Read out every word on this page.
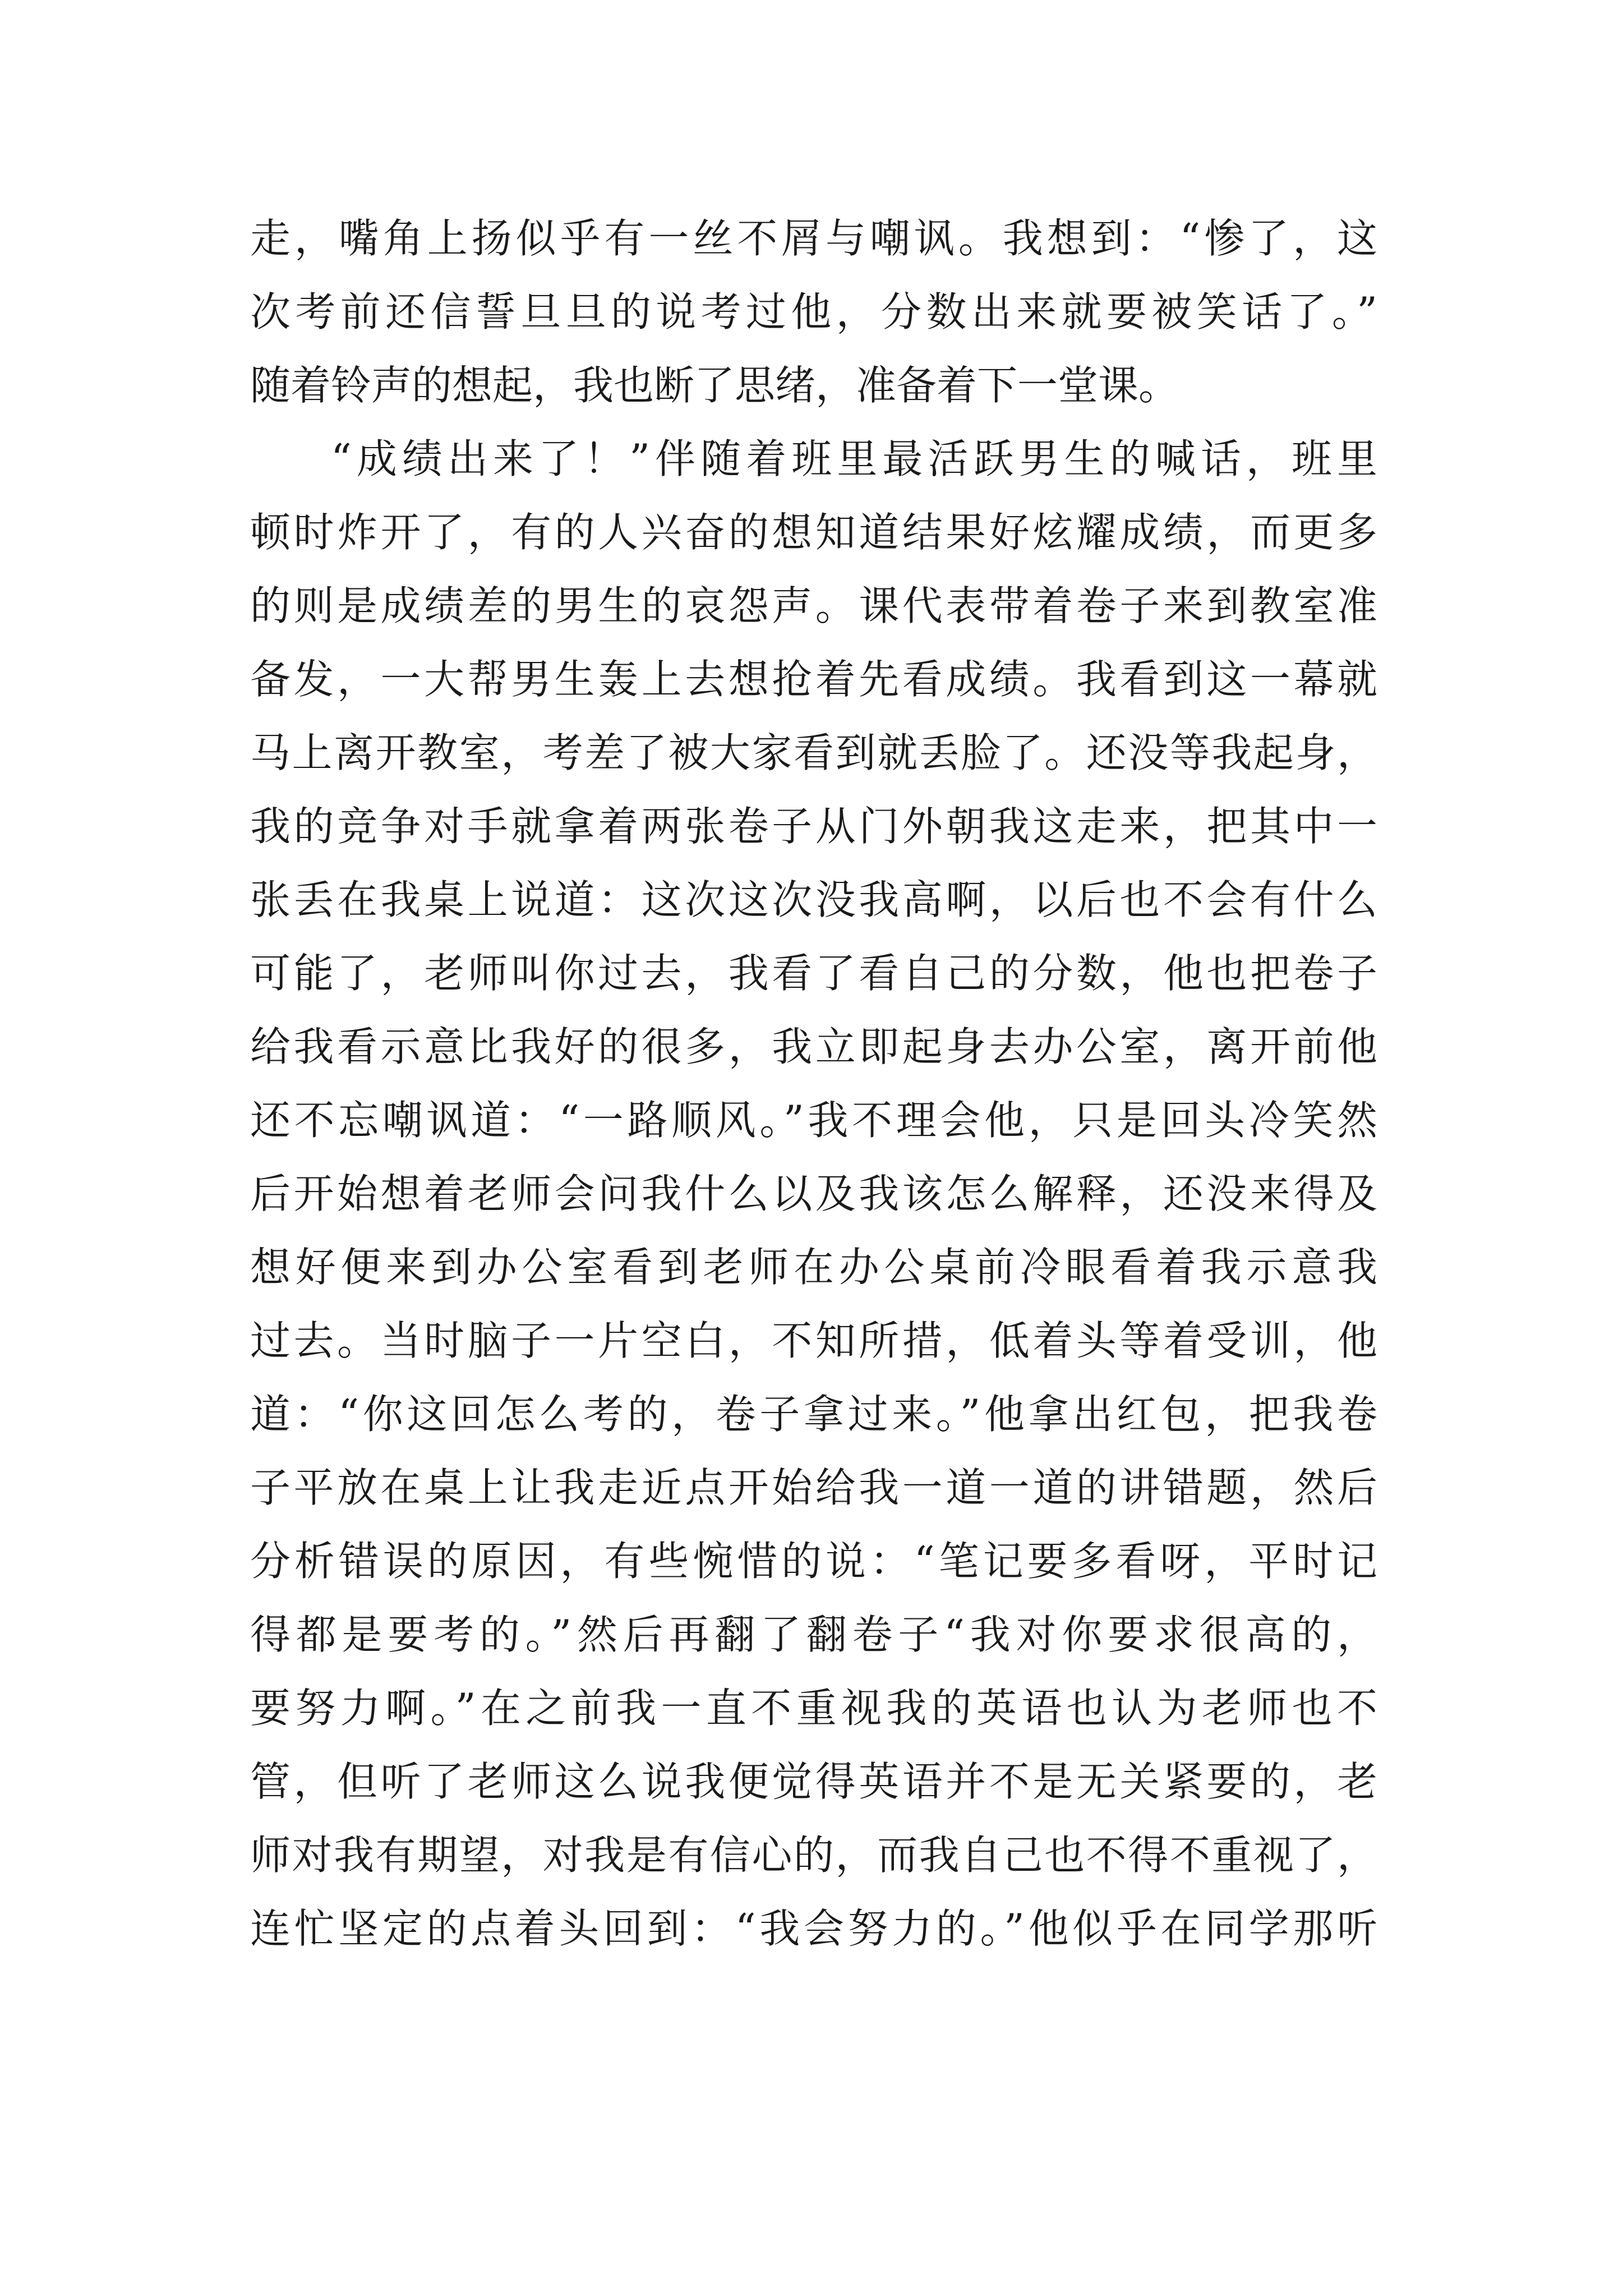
走，嘴角上扬似乎有一丝不屑与嘲讽。我想到：“惨了，这
次考前还信誓旦旦的说考过他，分数出来就要被笑话了。”
随着铃声的想起，我也断了思绪，准备着下一堂课。
“成绩出来了！”伴随着班里最活跃男生的喊话，班里
顿时炸开了，有的人兴奋的想知道结果好炫耀成绩，而更多
的则是成绩差的男生的哀怨声。课代表带着卷子来到教室准
备发，一大帮男生轰上去想抢着先看成绩。我看到这一幕就
马上离开教室，考差了被大家看到就丢脸了。还没等我起身，
我的竞争对手就拿着两张卷子从门外朝我这走来，把其中一
张丢在我桌上说道：这次这次没我高啊，以后也不会有什么
可能了，老师叫你过去，我看了看自己的分数，他也把卷子
给我看示意比我好的很多，我立即起身去办公室，离开前他
还不忘嘲讽道：“一路顺风。”我不理会他，只是回头冷笑然
后开始想着老师会问我什么以及我该怎么解释，还没来得及
想好便来到办公室看到老师在办公桌前冷眼看着我示意我
过去。当时脑子一片空白，不知所措，低着头等着受训，他
道：“你这回怎么考的，卷子拿过来。”他拿出红包，把我卷
子平放在桌上让我走近点开始给我一道一道的讲错题，然后
分析错误的原因，有些惋惜的说：“笔记要多看呀，平时记
得都是要考的。”然后再翻了翻卷子“我对你要求很高的，
要努力啊。”在之前我一直不重视我的英语也认为老师也不
管，但听了老师这么说我便觉得英语并不是无关紧要的，老
师对我有期望，对我是有信心的，而我自己也不得不重视了，
连忙坚定的点着头回到：“我会努力的。”他似乎在同学那听
